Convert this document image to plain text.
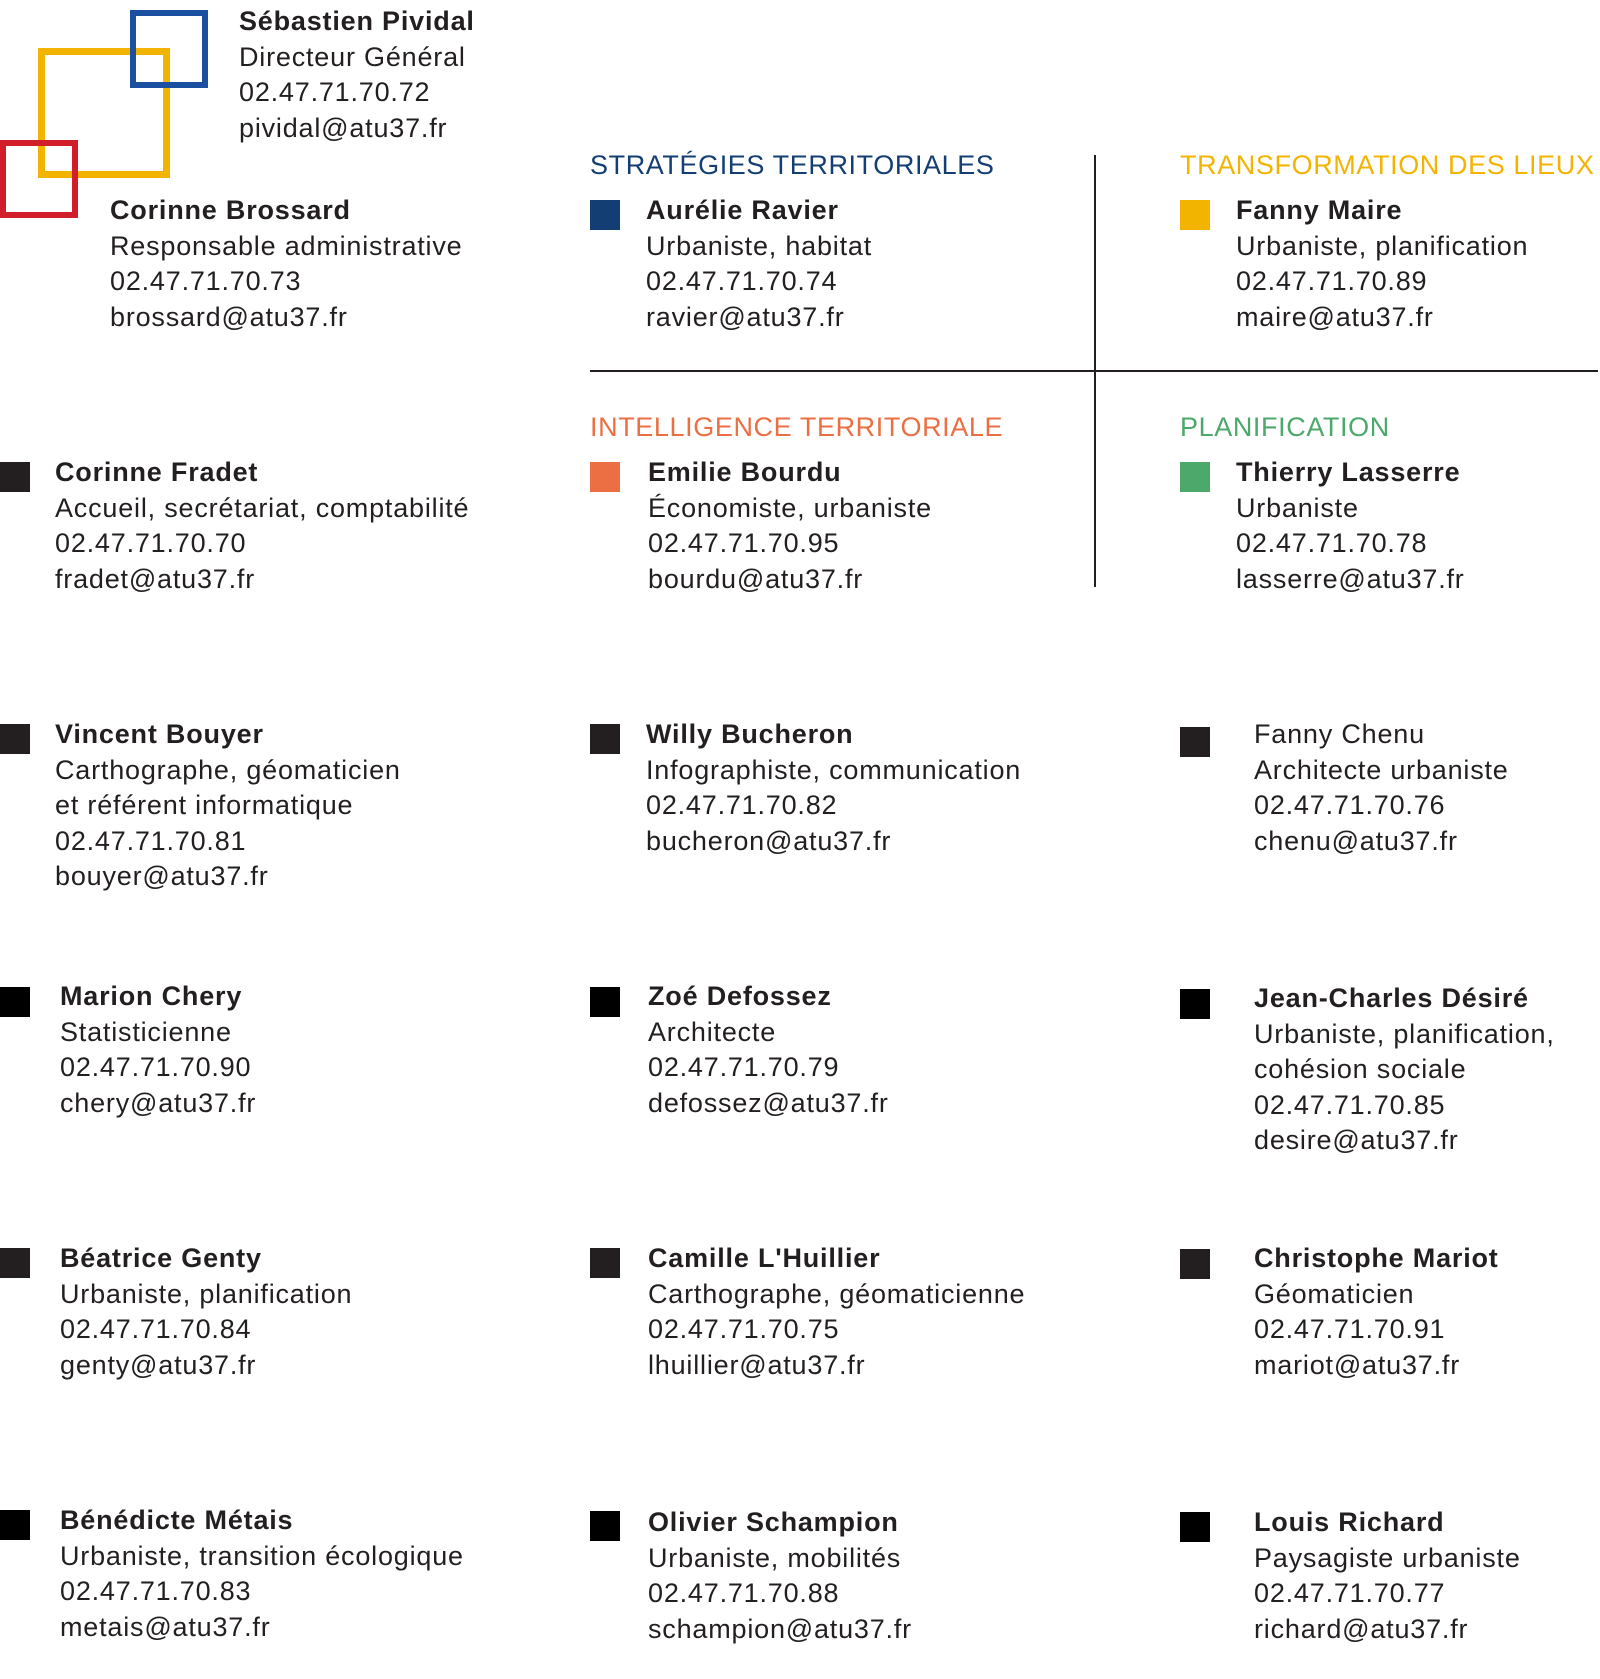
STRATÉGIES TERRITORIALES	TRANSFORMATION DES LIEUX
INTELLIGENCE TERRITORIALE	PLANIFICATION
Sébastien Pividal
Directeur Général
02.47.71.70.72
pividal@atu37.fr
Corinne Brossard
Responsable administrative
02.47.71.70.73
brossard@atu37.fr
Aurélie Ravier
Urbaniste, habitat
02.47.71.70.74
ravier@atu37.fr
Fanny Maire
Urbaniste, planification
02.47.71.70.89
maire@atu37.fr
Corinne Fradet
Accueil, secrétariat, comptabilité
02.47.71.70.70
fradet@atu37.fr
Emilie Bourdu
Économiste, urbaniste
02.47.71.70.95
bourdu@atu37.fr
Thierry Lasserre
Urbaniste
02.47.71.70.78
lasserre@atu37.fr
Vincent Bouyer
Carthographe, géomaticien
et référent informatique
02.47.71.70.81
bouyer@atu37.fr
Willy Bucheron
Infographiste, communication
02.47.71.70.82
bucheron@atu37.fr
Fanny Chenu
Architecte urbaniste
02.47.71.70.76
chenu@atu37.fr
Marion Chery
Statisticienne
02.47.71.70.90
chery@atu37.fr
Zoé Defossez
Architecte
02.47.71.70.79
defossez@atu37.fr
Jean-Charles Désiré
Urbaniste, planification,
cohésion sociale
02.47.71.70.85
desire@atu37.fr
Béatrice Genty
Urbaniste, planification
02.47.71.70.84
genty@atu37.fr
Camille L'Huillier
Carthographe, géomaticienne
02.47.71.70.75
lhuillier@atu37.fr
Christophe Mariot
Géomaticien
02.47.71.70.91
mariot@atu37.fr
Bénédicte Métais
Urbaniste, transition écologique
02.47.71.70.83
metais@atu37.fr
Olivier Schampion
Urbaniste, mobilités
02.47.71.70.88
schampion@atu37.fr
Louis Richard
Paysagiste urbaniste
02.47.71.70.77
richard@atu37.fr
